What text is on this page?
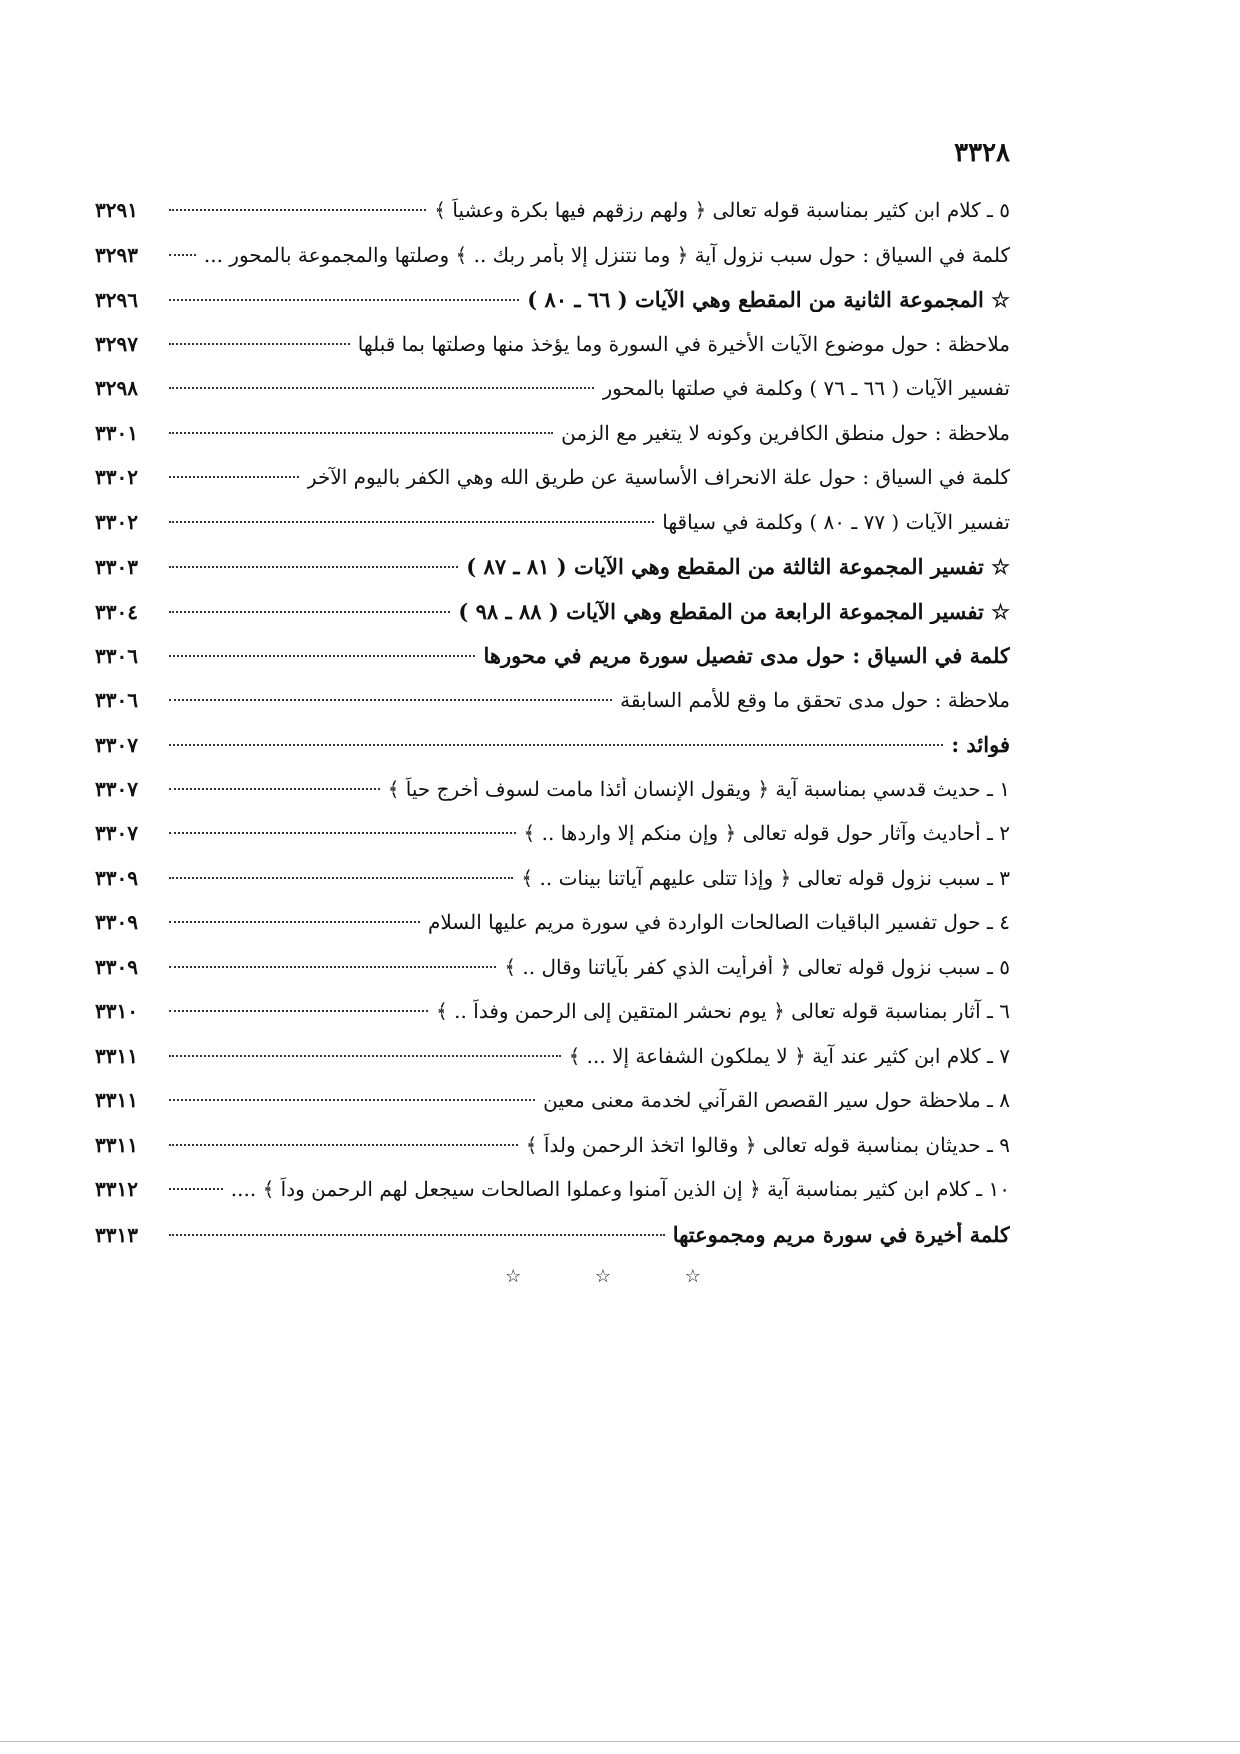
٣٣٢٨
٥ ـ كلام ابن كثير بمناسبة قوله تعالى ﴿ ولهم رزقهم فيها بكرة وعشياً ﴾
٣٢٩١
كلمة في السياق : حول سبب نزول آية ﴿ وما نتنزل إلا بأمر ربك .. ﴾ وصلتها والمجموعة بالمحور ...
٣٢٩٣
☆ المجموعة الثانية من المقطع وهي الآيات ( ٦٦ ـ ٨٠ )
٣٢٩٦
ملاحظة : حول موضوع الآيات الأخيرة في السورة وما يؤخذ منها وصلتها بما قبلها
٣٢٩٧
تفسير الآيات ( ٦٦ ـ ٧٦ ) وكلمة في صلتها بالمحور
٣٢٩٨
ملاحظة : حول منطق الكافرين وكونه لا يتغير مع الزمن
٣٣٠١
كلمة في السياق : حول علة الانحراف الأساسية عن طريق الله وهي الكفر باليوم الآخر
٣٣٠٢
تفسير الآيات ( ٧٧ ـ ٨٠ ) وكلمة في سياقها
٣٣٠٢
☆ تفسير المجموعة الثالثة من المقطع وهي الآيات ( ٨١ ـ ٨٧ )
٣٣٠٣
☆ تفسير المجموعة الرابعة من المقطع وهي الآيات ( ٨٨ ـ ٩٨ )
٣٣٠٤
كلمة في السياق : حول مدى تفصيل سورة مريم في محورها
٣٣٠٦
ملاحظة : حول مدى تحقق ما وقع للأمم السابقة
٣٣٠٦
فوائد :
٣٣٠٧
١ ـ حديث قدسي بمناسبة آية ﴿ ويقول الإنسان أئذا مامت لسوف أخرج حياً ﴾
٣٣٠٧
٢ ـ أحاديث وآثار حول قوله تعالى ﴿ وإن منكم إلا واردها .. ﴾
٣٣٠٧
٣ ـ سبب نزول قوله تعالى ﴿ وإذا تتلى عليهم آياتنا بينات .. ﴾
٣٣٠٩
٤ ـ حول تفسير الباقيات الصالحات الواردة في سورة مريم عليها السلام
٣٣٠٩
٥ ـ سبب نزول قوله تعالى ﴿ أفرأيت الذي كفر بآياتنا وقال .. ﴾
٣٣٠٩
٦ ـ آثار بمناسبة قوله تعالى ﴿ يوم نحشر المتقين إلى الرحمن وفداً .. ﴾
٣٣١٠
٧ ـ كلام ابن كثير عند آية ﴿ لا يملكون الشفاعة إلا ... ﴾
٣٣١١
٨ ـ ملاحظة حول سير القصص القرآني لخدمة معنى معين
٣٣١١
٩ ـ حديثان بمناسبة قوله تعالى ﴿ وقالوا اتخذ الرحمن ولداً ﴾
٣٣١١
١٠ ـ كلام ابن كثير بمناسبة آية ﴿ إن الذين آمنوا وعملوا الصالحات سيجعل لهم الرحمن وداً ﴾ ....
٣٣١٢
كلمة أخيرة في سورة مريم ومجموعتها
٣٣١٣
☆ ☆ ☆
